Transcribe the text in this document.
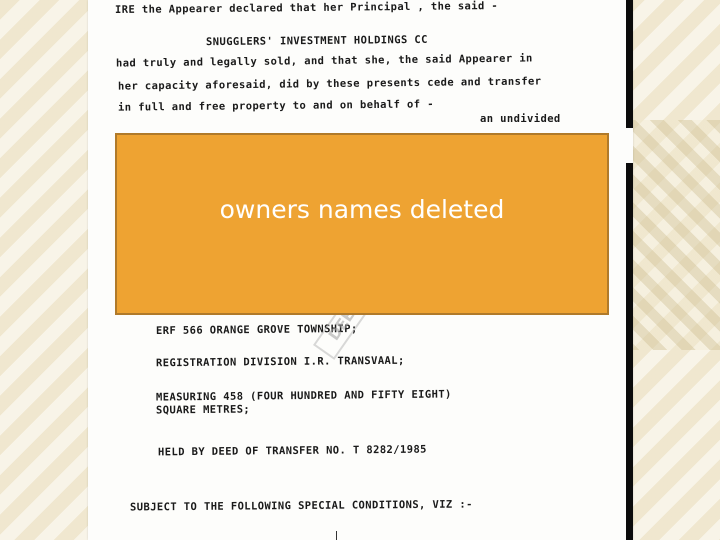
IRE the Appearer declared that her Principal , the said -
SNUGGLERS' INVESTMENT HOLDINGS CC
had truly and legally sold, and that she, the said Appearer in
her capacity aforesaid, did by these presents cede and transfer
in full and free property to and on behalf of -
an undivided
ERF 566 ORANGE GROVE TOWNSHIP;
REGISTRATION DIVISION I.R. TRANSVAAL;
MEASURING 458 (FOUR HUNDRED AND FIFTY EIGHT)
SQUARE METRES;
HELD BY DEED OF TRANSFER NO. T 8282/1985
SUBJECT TO THE FOLLOWING SPECIAL CONDITIONS, VIZ :-
owners names deleted
